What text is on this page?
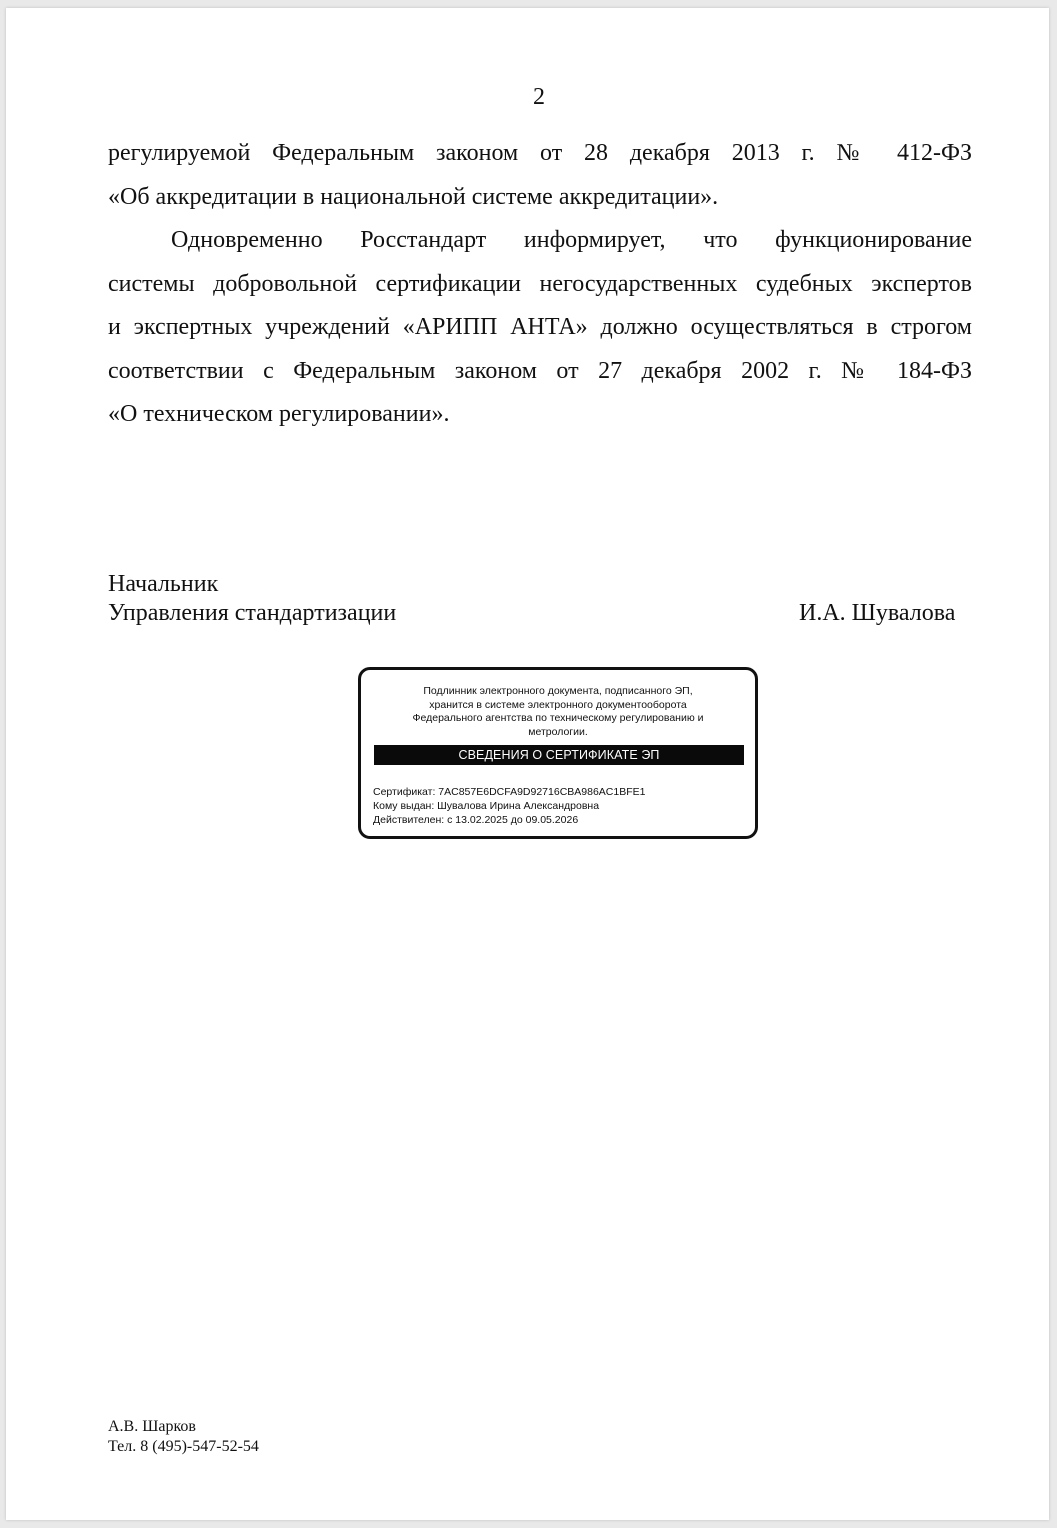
2
регулируемой Федеральным законом от 28 декабря 2013 г. № 412-ФЗ
«Об аккредитации в национальной системе аккредитации».
Одновременно Росстандарт информирует, что функционирование
системы добровольной сертификации негосударственных судебных экспертов
и экспертных учреждений «АРИПП АНТА» должно осуществляться в строгом
соответствии с Федеральным законом от 27 декабря 2002 г. № 184-ФЗ
«О техническом регулировании».
Начальник
Управления стандартизации	И.А. Шувалова
Подлинник электронного документа, подписанного ЭП,
хранится в системе электронного документооборота
Федерального агентства по техническому регулированию и
метрологии.
СВЕДЕНИЯ О СЕРТИФИКАТЕ ЭП
Сертификат: 7AC857E6DCFA9D92716CBA986AC1BFE1
Кому выдан: Шувалова Ирина Александровна
Действителен: с 13.02.2025 до 09.05.2026
А.В. Шарков
Тел. 8 (495)-547-52-54
